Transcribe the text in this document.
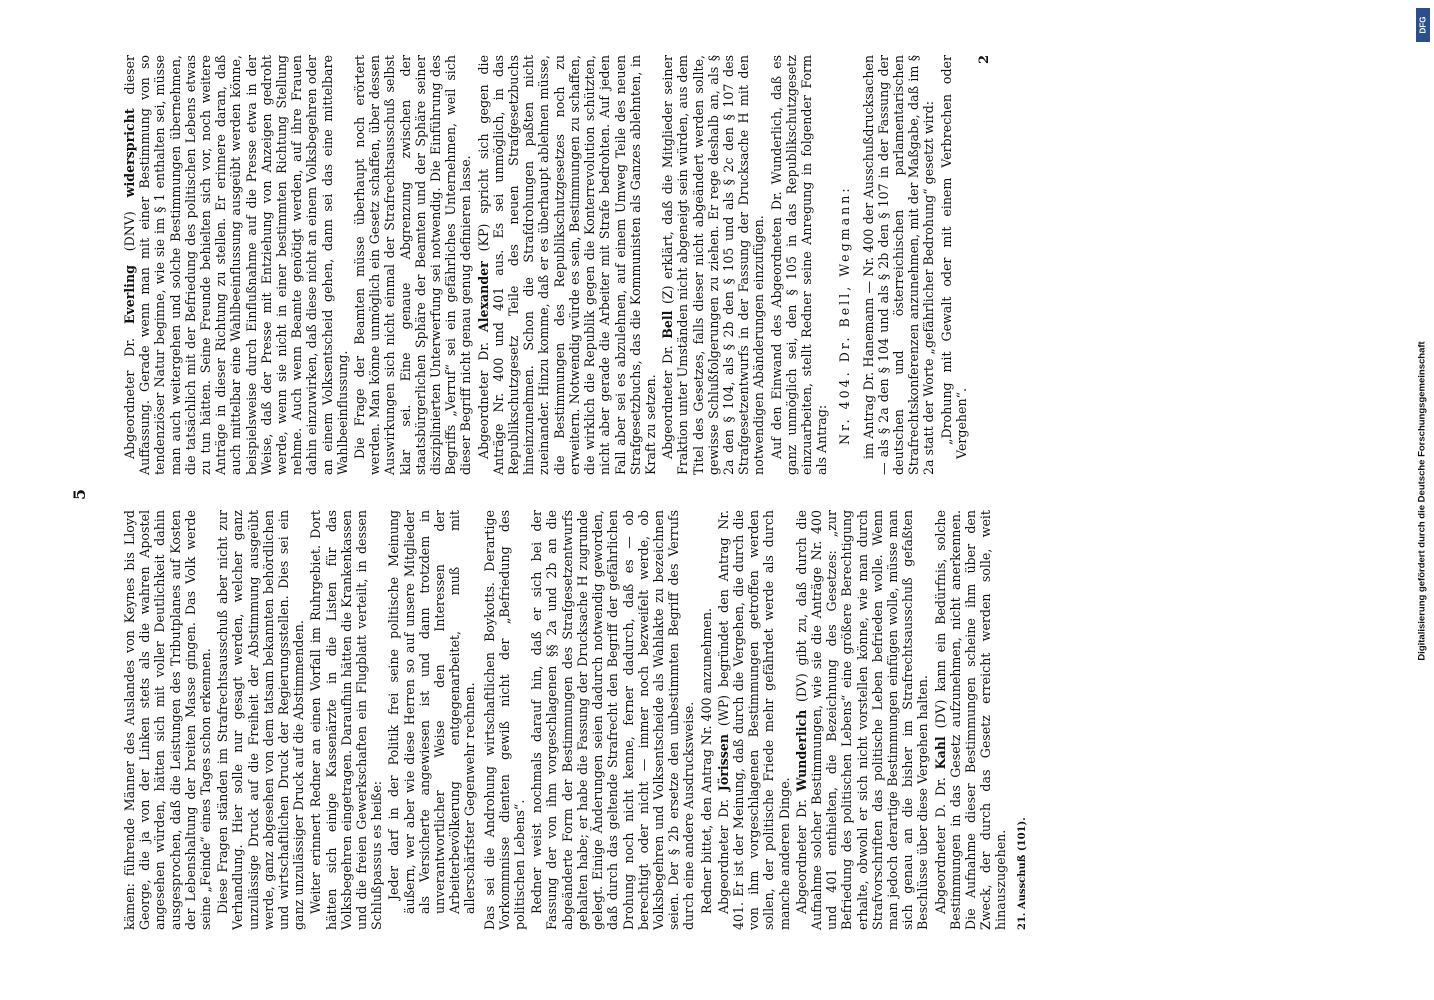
5

kämen: führende Männer des Auslandes von Keynes bis Lloyd George, die ja von der Linken stets als die wahren Apostel angesehen würden, hätten sich mit voller Deutlichkeit dahin ausgesprochen, daß die Leistungen des Tributplanes auf Kosten der Lebenshaltung der breiten Masse gingen. Das Volk werde seine „Feinde“ eines Tages schon erkennen. Diese Fragen ständen im Strafrechtsausschuß aber nicht zur Verhandlung. Hier solle nur gesagt werden, welcher ganz unzulässige Druck auf die Freiheit der Abstimmung ausgeübt werde, ganz abgesehen von dem tatsam bekannten behördlichen und wirtschaftlichen Druck der Regierungsstellen. Dies sei ein ganz unzulässiger Druck auf die Abstimmenden. Weiter erinnert Redner an einen Vorfall im Ruhrgebiet. Dort hätten sich einige Kassenärzte in die Listen für das Volksbegehren eingetragen. Daraufhin hätten die Krankenkassen und die freien Gewerkschaften ein Flugblatt verteilt, in dessen Schlußpassus es heiße: Jeder darf in der Politik frei seine politische Meinung äußern, wer aber wie diese Herren so auf unsere Mitglieder als Versicherte angewiesen ist und dann trotzdem in unverantwortlicher Weise den Interessen der Arbeiterbevölkerung entgegenarbeitet, muß mit allerschärfster Gegenwehr rechnen. Das sei die Androhung wirtschaftlichen Boykotts. Derartige Vorkommnisse dienten gewiß nicht der „Befriedung des politischen Lebens“. Redner weist nochmals darauf hin, daß er sich bei der Fassung der von ihm vorgeschlagenen §§ 2a und 2b an die abgeänderte Form der Bestimmungen des Strafgesetzentwurfs gehalten habe; er habe die Fassung der Drucksache H zugrunde gelegt. Einige Änderungen seien dadurch notwendig geworden, daß durch das geltende Strafrecht den Begriff der gefährlichen Drohung noch nicht kenne, ferner dadurch, daß es — ob berechtigt oder nicht — immer noch bezweifelt werde, ob Volksbegehren und Volksentscheide als Wahlakte zu bezeichnen seien. Der § 2b ersetze den unbestimmten Begriff des Verrufs durch eine andere Ausdrucksweise. Redner bittet, den Antrag Nr. 400 anzunehmen. Abgeordneter Dr. Jörissen (WP) begründet den Antrag Nr. 401. Er ist der Meinung, daß durch die Vergehen, die durch die von ihm vorgeschlagenen Bestimmungen getroffen werden sollen, der politische Friede mehr gefährdet werde als durch manche anderen Dinge. Abgeordneter Dr. Wunderlich (DV) gibt zu, daß durch die Aufnahme solcher Bestimmungen, wie sie die Anträge Nr. 400 und 401 enthielten, die Bezeichnung des Gesetzes: „zur Befriedung des politischen Lebens“ eine größere Berechtigung erhalte, obwohl er sich nicht vorstellen könne, wie man durch Strafvorschriften das politische Leben befrieden wolle. Wenn man jedoch derartige Bestimmungen einfügen wolle, müsse man sich genau an die bisher im Strafrechtsausschuß gefaßten Beschlüsse über diese Vergehen halten. Abgeordneter D. Dr. Kahl (DV) kann ein Bedürfnis, solche Bestimmungen in das Gesetz aufzunehmen, nicht anerkennen. Die Aufnahme dieser Bestimmungen scheine ihm über den Zweck, der durch das Gesetz erreicht werden solle, weit hinauszugehen. 21. Ausschuß (101).

Abgeordneter Dr. Everling (DNV) widerspricht dieser Auffassung. Gerade wenn man mit einer Bestimmung von so tendenziöser Natur beginne, wie sie im § 1 enthalten sei, müsse man auch weitergehen und solche Bestimmungen übernehmen, die tatsächlich mit der Befriedung des politischen Lebens etwas zu tun hätten. Seine Freunde behielten sich vor, noch weitere Anträge in dieser Richtung zu stellen. Er erinnere daran, daß auch mittelbar eine Wahlbeeinflussung ausgeübt werden könne, beispielsweise durch Einflußnahme auf die Presse etwa in der Weise, daß der Presse mit Entziehung von Anzeigen gedroht werde, wenn sie nicht in einer bestimmten Richtung Stellung nehme. Auch wenn Beamte genötigt werden, auf ihre Frauen dahin einzuwirken, daß diese nicht an einem Volksbegehren oder an einem Volksentscheid gehen, dann sei das eine mittelbare Wahlbeeinflussung. Die Frage der Beamten müsse überhaupt noch erörtert werden. Man könne unmöglich ein Gesetz schaffen, über dessen Auswirkungen sich nicht einmal der Strafrechtsausschuß selbst klar sei. Eine genaue Abgrenzung zwischen der staatsbürgerlichen Sphäre der Beamten und der Sphäre seiner disziplinierten Unterwerfung sei notwendig. Die Einführung des Begriffs „Verruf“ sei ein gefährliches Unternehmen, weil sich dieser Begriff nicht genau genug definieren lasse. Abgeordneter Dr. Alexander (KP) spricht sich gegen die Anträge Nr. 400 und 401 aus. Es sei unmöglich, in das Republikschutzgesetz Teile des neuen Strafgesetzbuchs hineinzunehmen. Schon die Strafdrohungen paßten nicht zueinander. Hinzu komme, daß er es überhaupt ablehnen müsse, die Bestimmungen des Republikschutzgesetzes noch zu erweitern. Notwendig würde es sein, Bestimmungen zu schaffen, die wirklich die Republik gegen die Konterrevolution schützten, nicht aber gerade die Arbeiter mit Strafe bedrohten. Auf jeden Fall aber sei es abzulehnen, auf einem Umweg Teile des neuen Strafgesetzbuchs, das die Kommunisten als Ganzes ablehnten, in Kraft zu setzen. Abgeordneter Dr. Bell (Z) erklärt, daß die Mitglieder seiner Fraktion unter Umständen nicht abgeneigt sein würden, aus dem Titel des Gesetzes, falls dieser nicht abgeändert werden sollte, gewisse Schlußfolgerungen zu ziehen. Er rege deshalb an, als § 2a den § 104, als § 2b den § 105 und als § 2c den § 107 des Strafgesetzentwurfs in der Fassung der Drucksache H mit den notwendigen Abänderungen einzufügen. Auf den Einwand des Abgeordneten Dr. Wunderlich, daß es ganz unmöglich sei, den § 105 in das Republikschutzgesetz einzuarbeiten, stellt Redner seine Anregung in folgender Form als Antrag: Nr. 404. Dr. Bell, Wegmann: im Antrag Dr. Hanemann — Nr. 400 der Ausschußdrucksachen — als § 2a den § 104 und als § 2b den § 107 in der Fassung der deutschen und österreichischen parlamentarischen Strafrechtskonferenzen anzunehmen, mit der Maßgabe, daß im § 2a statt der Worte „gefährlicher Bedrohung“ gesetzt wird: „Drohung mit Gewalt oder mit einem Verbrechen oder Vergehen“.

2

DFG
Digitalisierung gefördert durch die Deutsche Forschungsgemeinschaft
